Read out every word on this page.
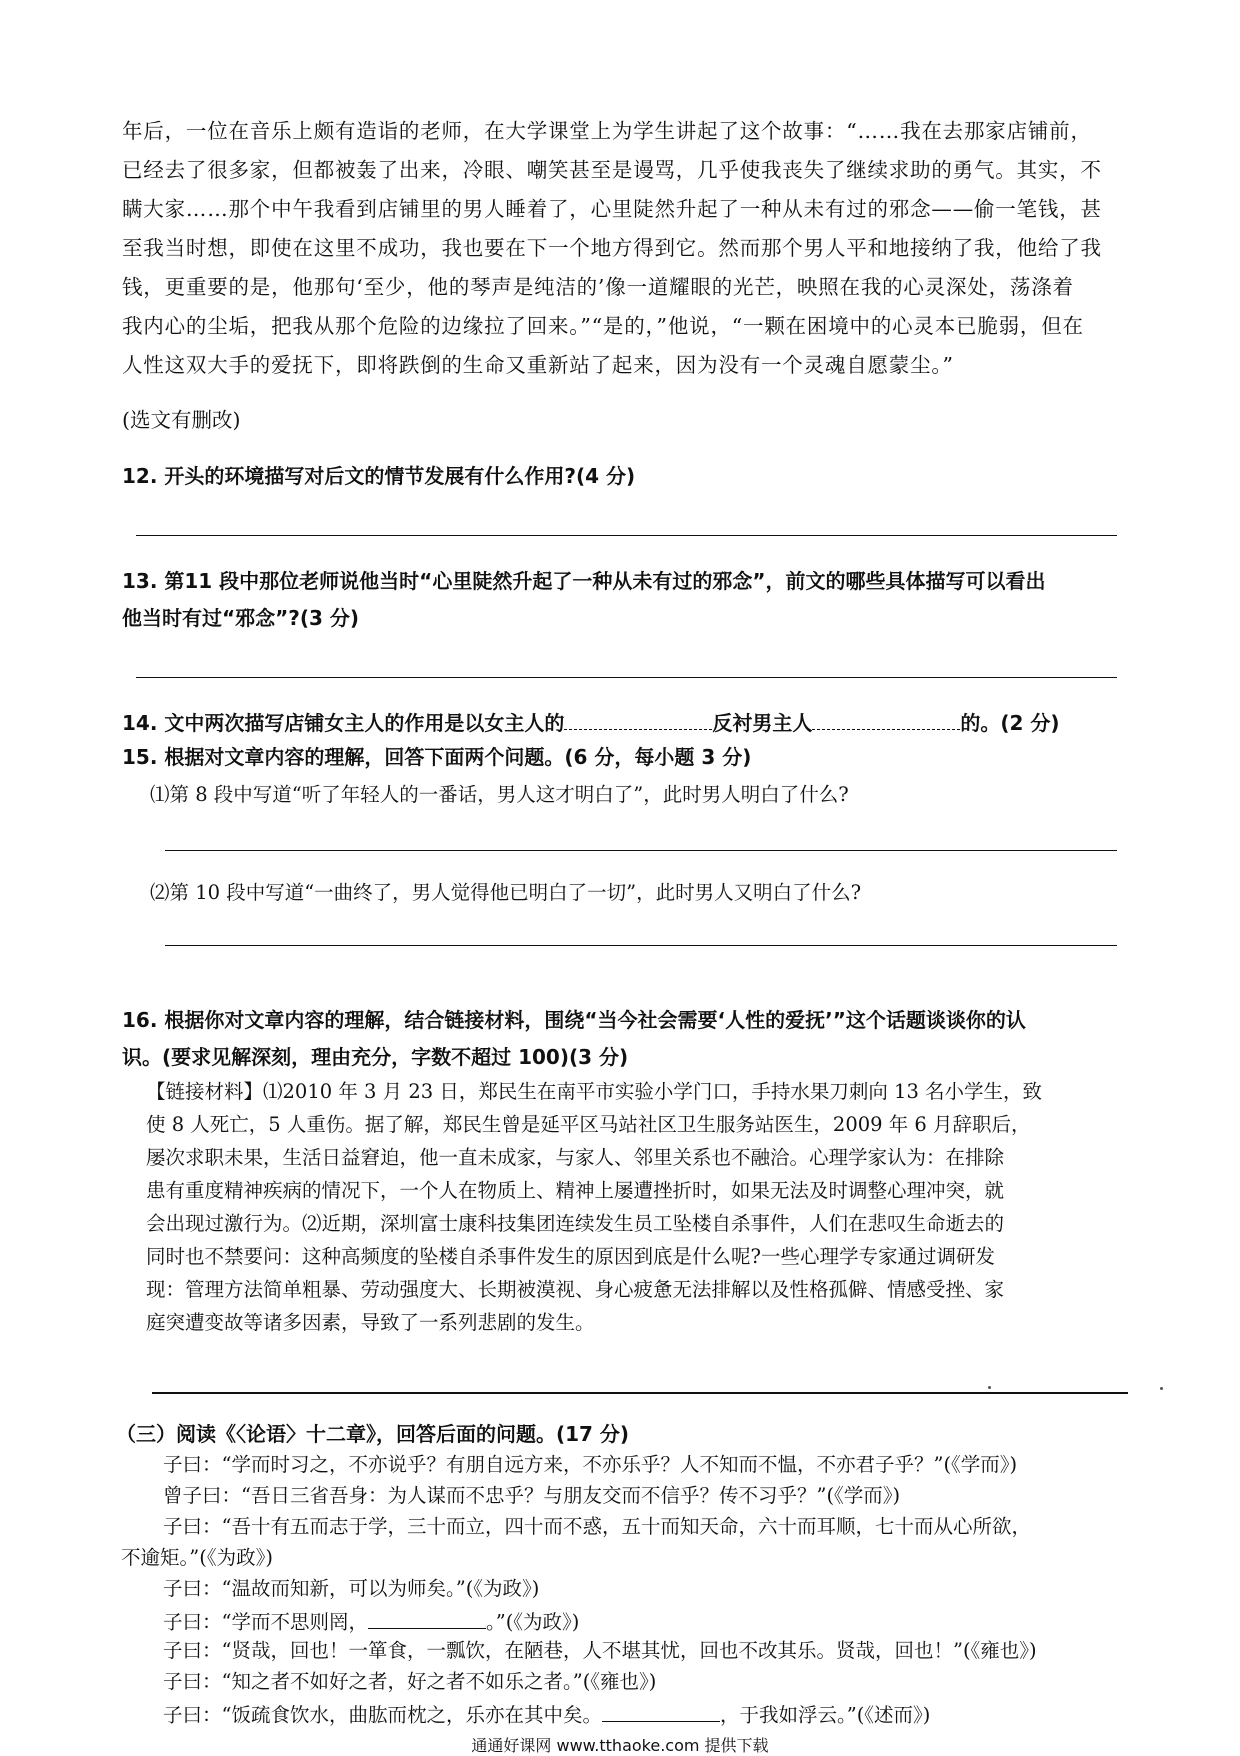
年后，一位在音乐上颇有造诣的老师，在大学课堂上为学生讲起了这个故事：“……我在去那家店铺前，
已经去了很多家，但都被轰了出来，冷眼、嘲笑甚至是谩骂，几乎使我丧失了继续求助的勇气。其实，不
瞒大家……那个中午我看到店铺里的男人睡着了，心里陡然升起了一种从未有过的邪念——偷一笔钱，甚
至我当时想，即使在这里不成功，我也要在下一个地方得到它。然而那个男人平和地接纳了我，他给了我
钱，更重要的是，他那句‘至少，他的琴声是纯洁的’像一道耀眼的光芒，映照在我的心灵深处，荡涤着
我内心的尘垢，把我从那个危险的边缘拉了回来。”“是的，”他说，“一颗在困境中的心灵本已脆弱，但在
人性这双大手的爱抚下，即将跌倒的生命又重新站了起来，因为没有一个灵魂自愿蒙尘。”
(选文有删改)
12. 开头的环境描写对后文的情节发展有什么作用?(4 分)
13. 第11 段中那位老师说他当时“心里陡然升起了一种从未有过的邪念”，前文的哪些具体描写可以看出
他当时有过“邪念”?(3 分)
14. 文中两次描写店铺女主人的作用是以女主人的	反衬男主人	的。(2 分)
15. 根据对文章内容的理解，回答下面两个问题。(6 分，每小题 3 分)
⑴第 8 段中写道“听了年轻人的一番话，男人这才明白了”，此时男人明白了什么?
⑵第 10 段中写道“一曲终了，男人觉得他已明白了一切”，此时男人又明白了什么?
16. 根据你对文章内容的理解，结合链接材料，围绕“当今社会需要‘人性的爱抚’”这个话题谈谈你的认
识。(要求见解深刻，理由充分，字数不超过 100)(3 分)
【链接材料】⑴2010 年 3 月 23 日，郑民生在南平市实验小学门口，手持水果刀刺向 13 名小学生，致
使 8 人死亡，5 人重伤。据了解，郑民生曾是延平区马站社区卫生服务站医生，2009 年 6 月辞职后，
屡次求职未果，生活日益窘迫，他一直未成家，与家人、邻里关系也不融洽。心理学家认为：在排除
患有重度精神疾病的情况下，一个人在物质上、精神上屡遭挫折时，如果无法及时调整心理冲突，就
会出现过激行为。⑵近期，深圳富士康科技集团连续发生员工坠楼自杀事件，人们在悲叹生命逝去的
同时也不禁要问：这种高频度的坠楼自杀事件发生的原因到底是什么呢?一些心理学专家通过调研发
现：管理方法简单粗暴、劳动强度大、长期被漠视、身心疲惫无法排解以及性格孤僻、情感受挫、家
庭突遭变故等诸多因素，导致了一系列悲剧的发生。
（三）阅读《〈论语〉十二章》，回答后面的问题。(17 分)
子曰：“学而时习之，不亦说乎？有朋自远方来，不亦乐乎？人不知而不愠，不亦君子乎？”(《学而》)
曾子曰：“吾日三省吾身：为人谋而不忠乎？与朋友交而不信乎？传不习乎？”(《学而》)
子曰：“吾十有五而志于学，三十而立，四十而不惑，五十而知天命，六十而耳顺，七十而从心所欲，
不逾矩。”(《为政》)
子曰：“温故而知新，可以为师矣。”(《为政》)
子曰：“学而不思则罔，	。”(《为政》)
子曰：“贤哉，回也！一箪食，一瓢饮，在陋巷，人不堪其忧，回也不改其乐。贤哉，回也！”(《雍也》)
子曰：“知之者不如好之者，好之者不如乐之者。”(《雍也》)
子曰：“饭疏食饮水，曲肱而枕之，乐亦在其中矣。	，于我如浮云。”(《述而》)
通通好课网 www.tthaoke.com 提供下载
